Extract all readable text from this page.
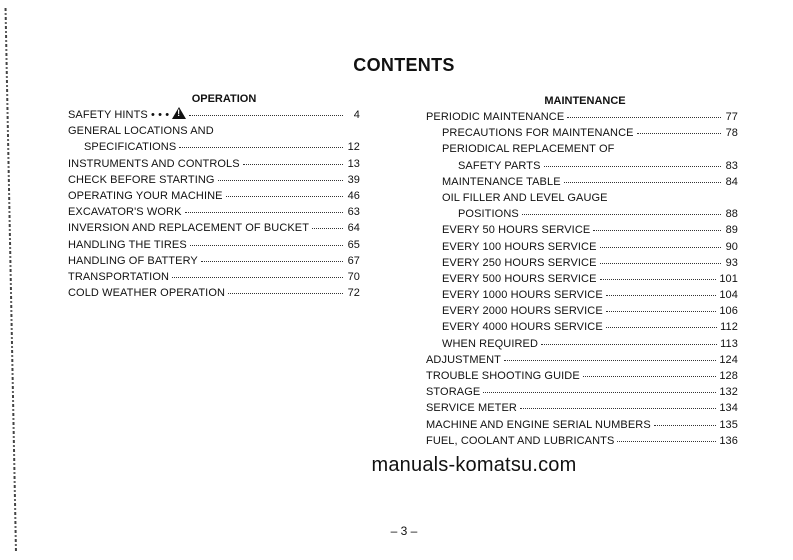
CONTENTS
OPERATION
SAFETY HINTS • • • !	4
GENERAL LOCATIONS AND
SPECIFICATIONS	12
INSTRUMENTS AND CONTROLS	13
CHECK BEFORE STARTING	39
OPERATING YOUR MACHINE	46
EXCAVATOR'S WORK	63
INVERSION AND REPLACEMENT OF BUCKET	64
HANDLING THE TIRES	65
HANDLING OF BATTERY	67
TRANSPORTATION	70
COLD WEATHER OPERATION	72
MAINTENANCE
PERIODIC MAINTENANCE	77
PRECAUTIONS FOR MAINTENANCE	78
PERIODICAL REPLACEMENT OF
SAFETY PARTS	83
MAINTENANCE TABLE	84
OIL FILLER AND LEVEL GAUGE
POSITIONS	88
EVERY 50 HOURS SERVICE	89
EVERY 100 HOURS SERVICE	90
EVERY 250 HOURS SERVICE	93
EVERY 500 HOURS SERVICE	101
EVERY 1000 HOURS SERVICE	104
EVERY 2000 HOURS SERVICE	106
EVERY 4000 HOURS SERVICE	112
WHEN REQUIRED	113
ADJUSTMENT	124
TROUBLE SHOOTING GUIDE	128
STORAGE	132
SERVICE METER	134
MACHINE AND ENGINE SERIAL NUMBERS	135
FUEL, COOLANT AND LUBRICANTS	136
manuals-komatsu.com
– 3 –
